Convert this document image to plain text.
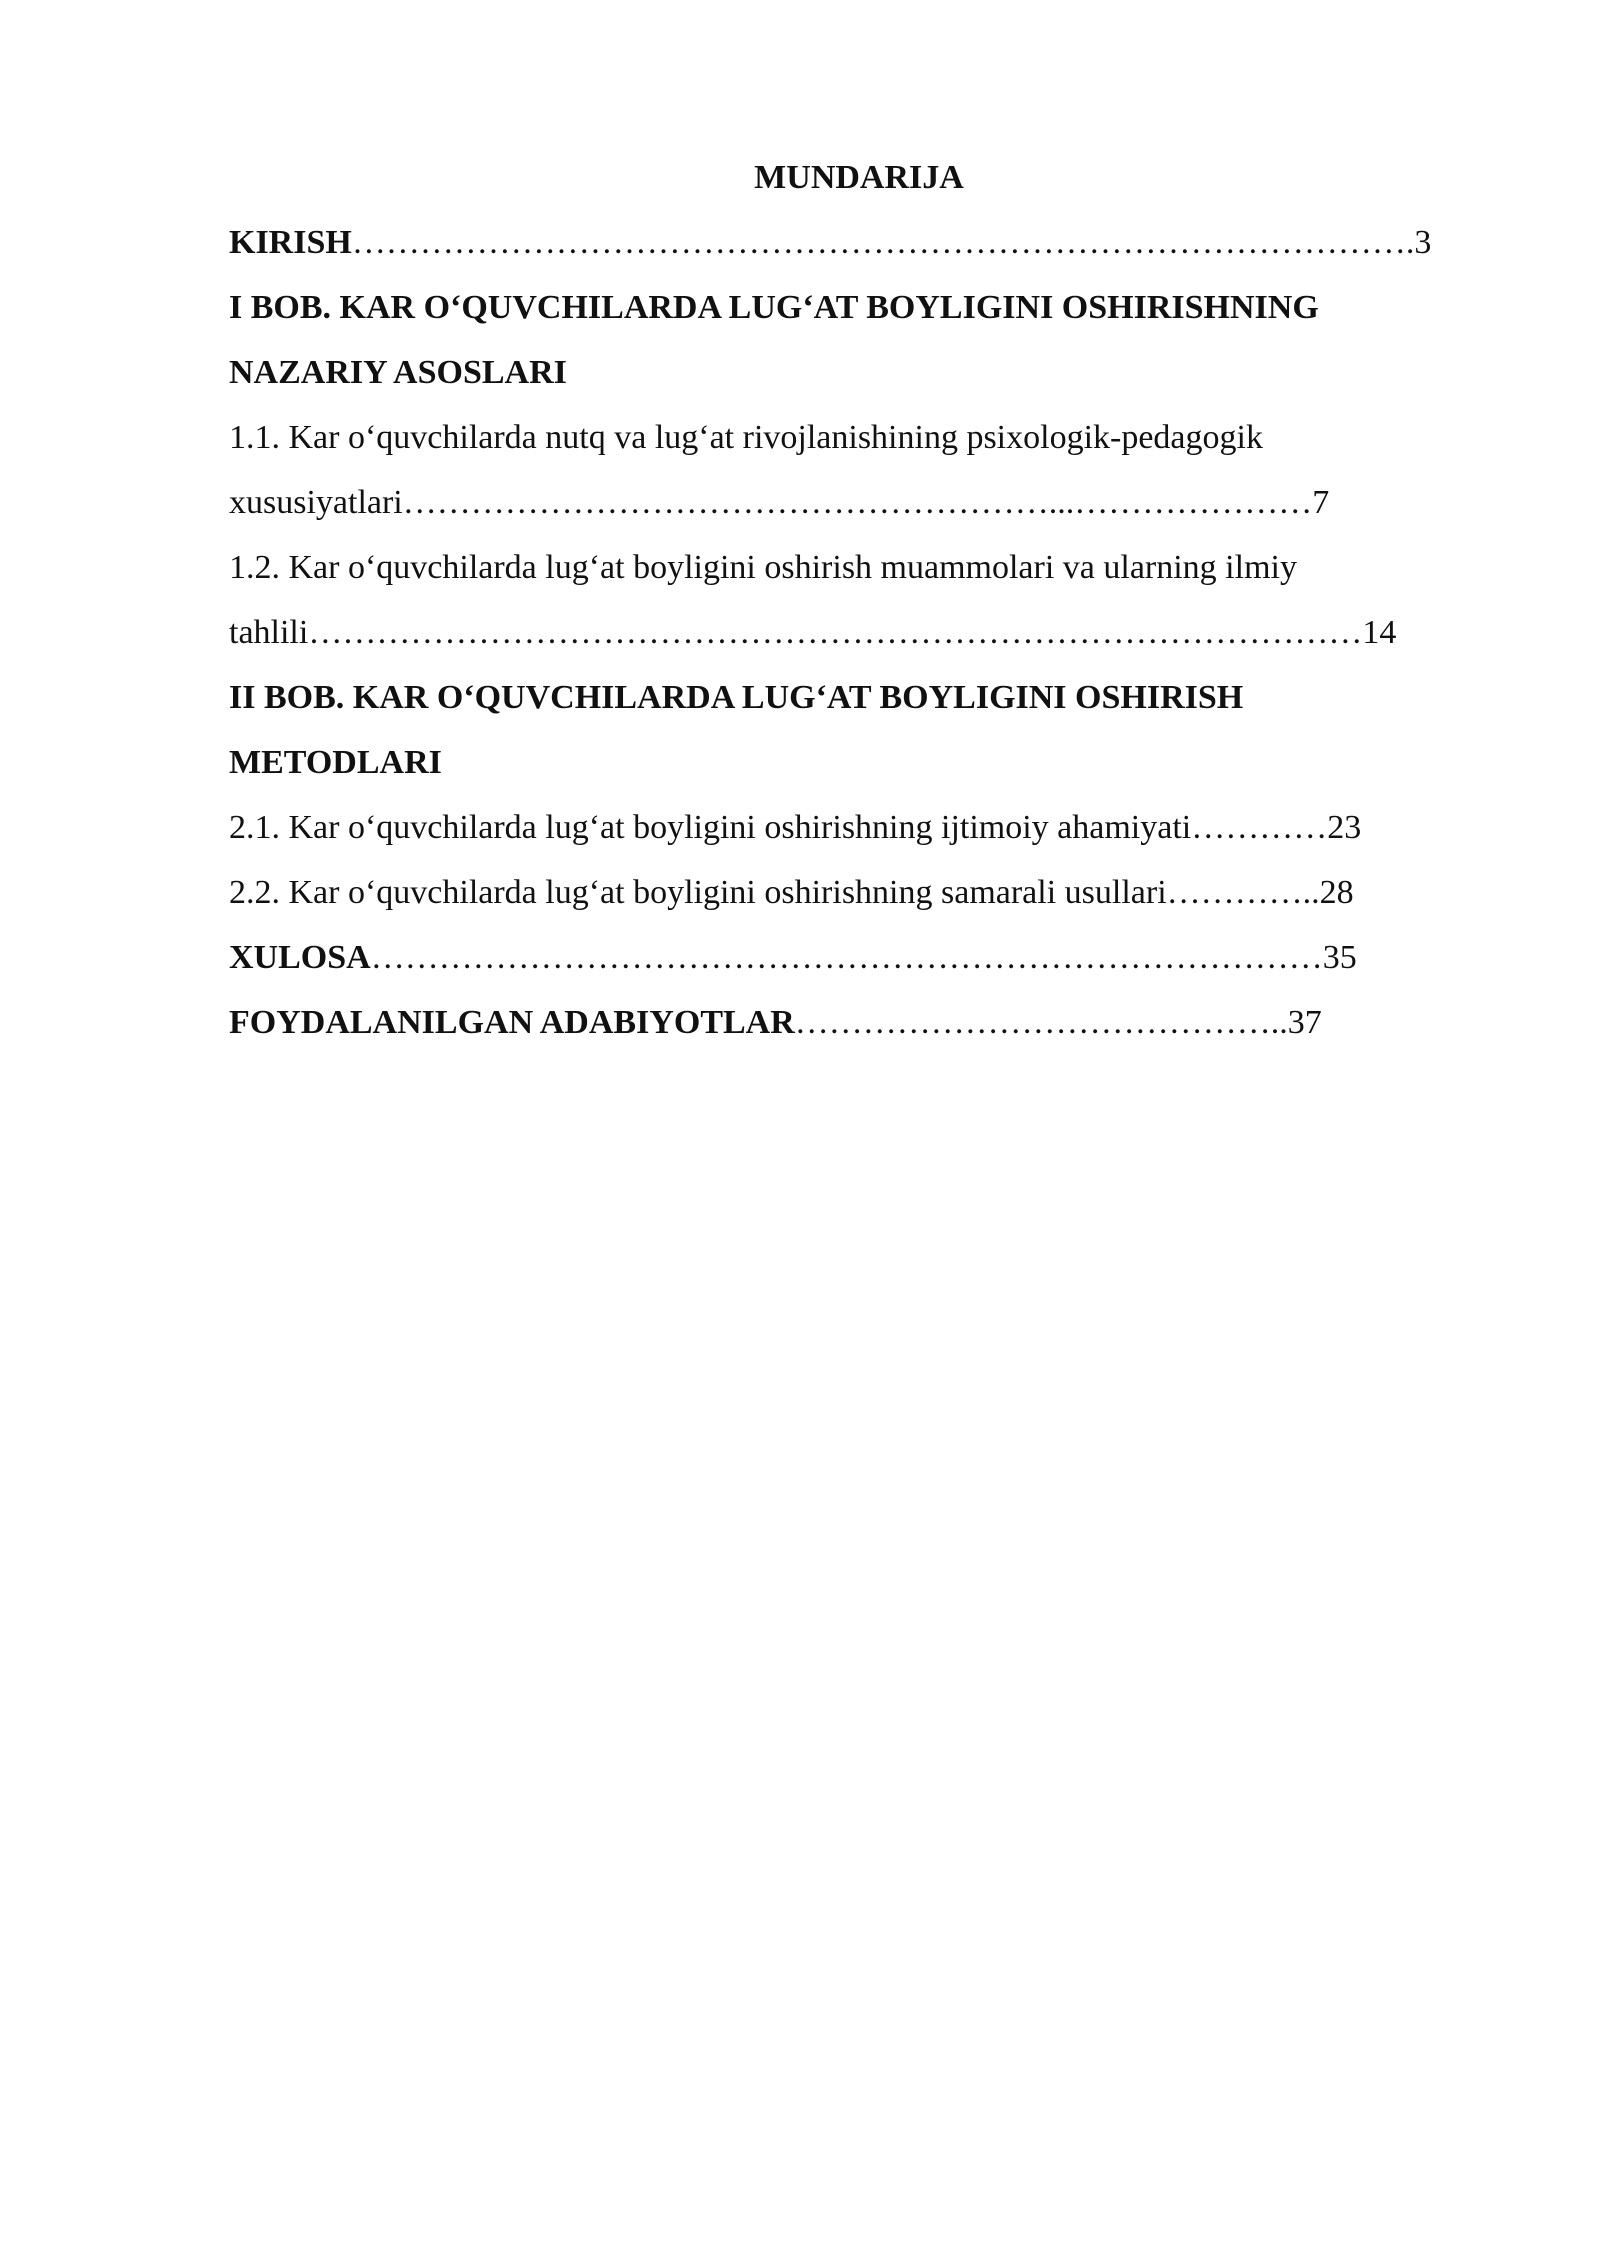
MUNDARIJA
KIRISH………………………………………………………………………………….3
I BOB. KAR O‘QUVCHILARDA LUG‘AT BOYLIGINI OSHIRISHNING
NAZARIY ASOSLARI
1.1. Kar o‘quvchilarda nutq va lug‘at rivojlanishining psixologik-pedagogik
xususiyatlari…………………………………………………...…………………7
1.2. Kar o‘quvchilarda lug‘at boyligini oshirish muammolari va ularning ilmiy
tahlili…………………………………………………………………………………14
II BOB. KAR O‘QUVCHILARDA LUG‘AT BOYLIGINI OSHIRISH
METODLARI
2.1. Kar o‘quvchilarda lug‘at boyligini oshirishning ijtimoiy ahamiyati…………23
2.2. Kar o‘quvchilarda lug‘at boyligini oshirishning samarali usullari…………..28
XULOSA…………………………………………………………………………35
FOYDALANILGAN ADABIYOTLAR……………………………………..37
